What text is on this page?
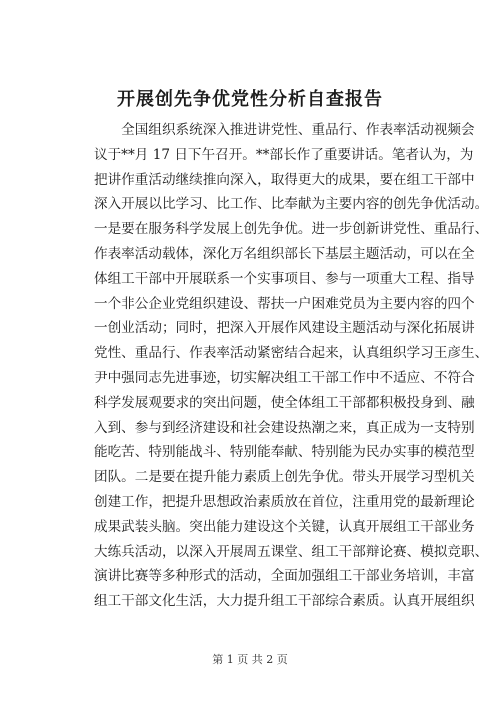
开展创先争优党性分析自查报告
　　全国组织系统深入推进讲党性、重品行、作表率活动视频会
议于**月 17 日下午召开。**部长作了重要讲话。笔者认为，为
把讲作重活动继续推向深入，取得更大的成果，要在组工干部中
深入开展以比学习、比工作、比奉献为主要内容的创先争优活动。
一是要在服务科学发展上创先争优。进一步创新讲党性、重品行、
作表率活动载体，深化万名组织部长下基层主题活动，可以在全
体组工干部中开展联系一个实事项目、参与一项重大工程、指导
一个非公企业党组织建设、帮扶一户困难党员为主要内容的四个
一创业活动；同时，把深入开展作风建设主题活动与深化拓展讲
党性、重品行、作表率活动紧密结合起来，认真组织学习王彦生、
尹中强同志先进事迹，切实解决组工干部工作中不适应、不符合
科学发展观要求的突出问题，使全体组工干部都积极投身到、融
入到、参与到经济建设和社会建设热潮之来，真正成为一支特别
能吃苦、特别能战斗、特别能奉献、特别能为民办实事的模范型
团队。二是要在提升能力素质上创先争优。带头开展学习型机关
创建工作，把提升思想政治素质放在首位，注重用党的最新理论
成果武装头脑。突出能力建设这个关键，认真开展组工干部业务
大练兵活动，以深入开展周五课堂、组工干部辩论赛、模拟竞职、
演讲比赛等多种形式的活动，全面加强组工干部业务培训，丰富
组工干部文化生活，大力提升组工干部综合素质。认真开展组织
第 1 页 共 2 页
